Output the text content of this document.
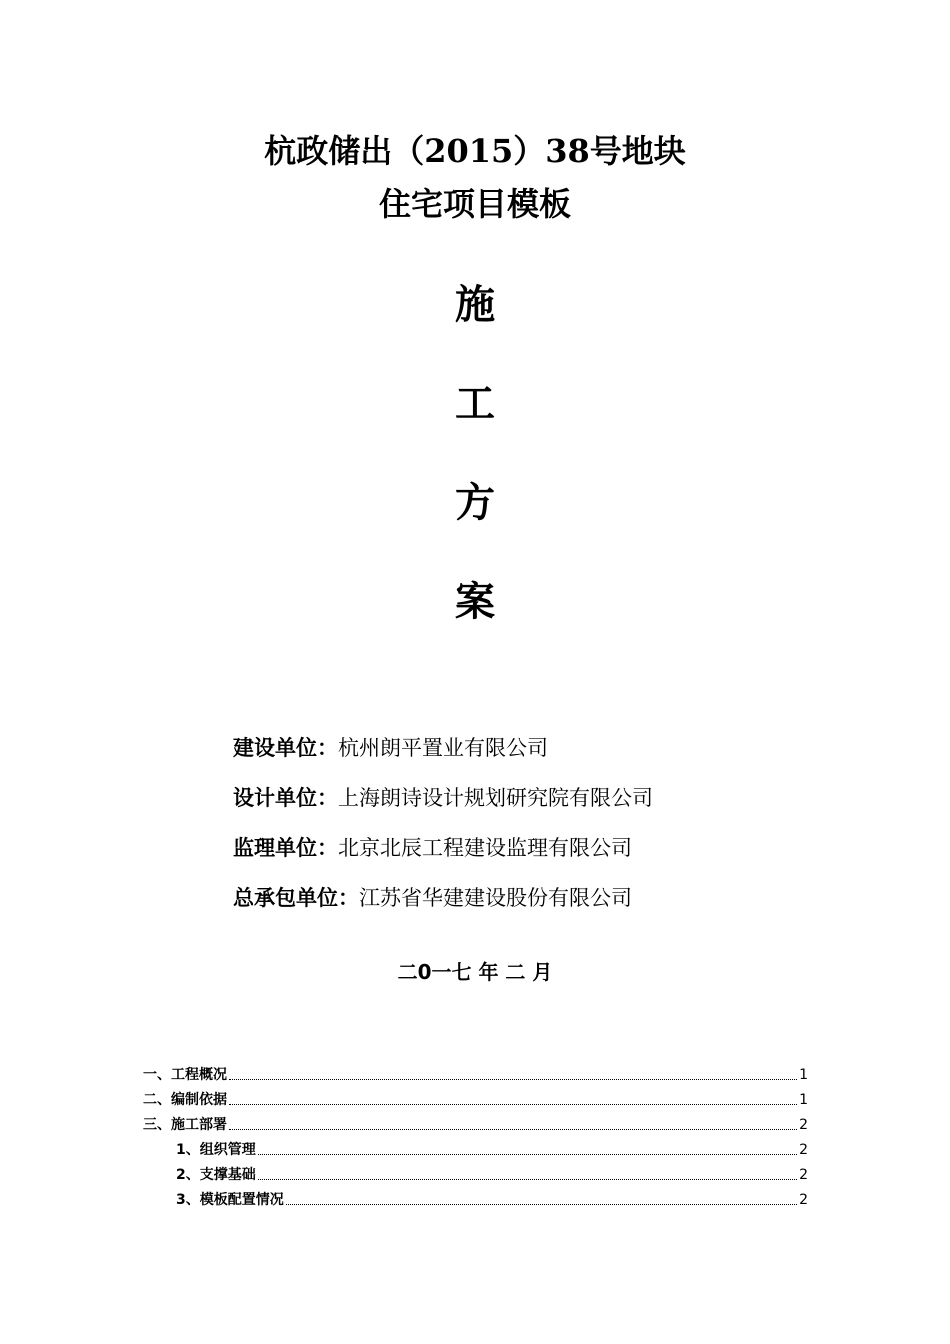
杭政储出（2015）38号地块
住宅项目模板
施
工
方
案
建设单位：杭州朗平置业有限公司
设计单位：上海朗诗设计规划研究院有限公司
监理单位：北京北辰工程建设监理有限公司
总承包单位：江苏省华建建设股份有限公司
二0一七 年 二 月
一、工程概况	1
二、编制依据	1
三、施工部署	2
1、组织管理	2
2、支撑基础	2
3、模板配置情况	2
